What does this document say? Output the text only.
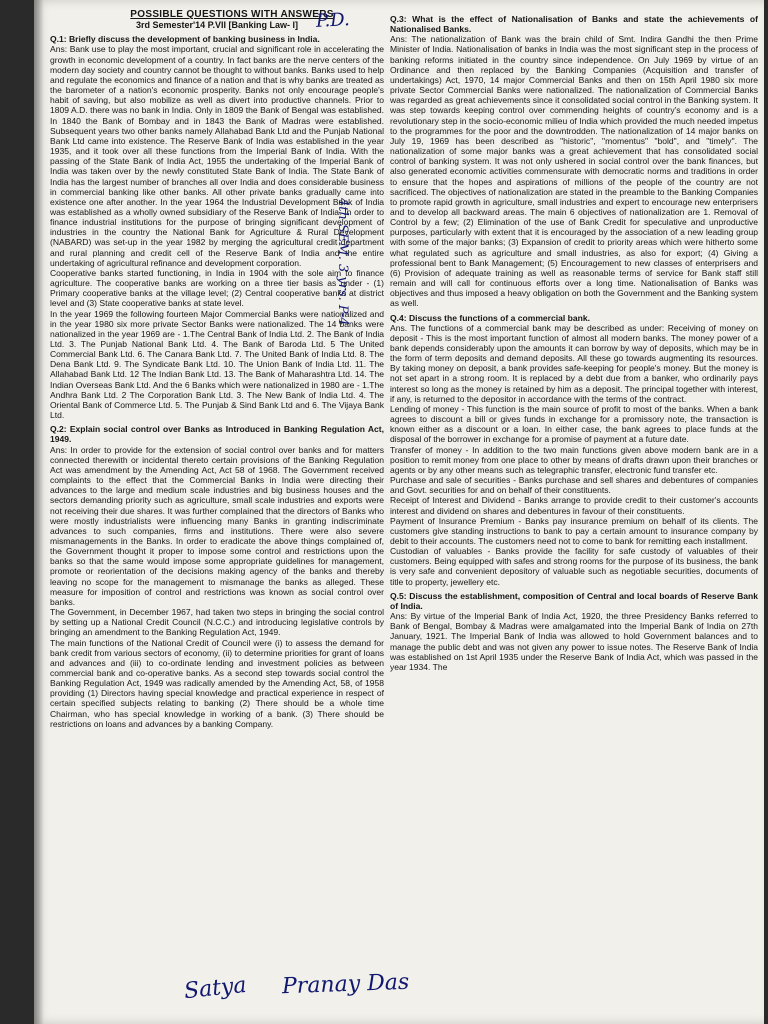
POSSIBLE QUESTIONS WITH ANSWERS
3rd Semester'14 P.VII [Banking Law- I]

Q.1: Briefly discuss the development of banking business in India.

Ans: Bank use to play the most important, crucial and significant role in accelerating the growth in economic development of a country. In fact banks are the nerve centers of the modern day society and country cannot be thought to without banks. Banks used to help and regulate the economics and finance of a nation and that is why banks are treated as the barometer of a nation's economic prosperity. Banks not only encourage people's habit of saving, but also mobilize as well as divert into productive channels. Prior to 1809 A.D. there was no bank in India. Only in 1809 the Bank of Bengal was established. In 1840 the Bank of Bombay and in 1843 the Bank of Madras were established. Subsequent years two other banks namely Allahabad Bank Ltd and the Punjab National Bank Ltd came into existence. The Reserve Bank of India was established in the year 1935, and it took over all these functions from the Imperial Bank of India. With the passing of the State Bank of India Act, 1955 the undertaking of the Imperial Bank of India was taken over by the newly constituted State Bank of India. The State Bank of India has the largest number of branches all over India and does considerable business in commercial banking like other banks. All other private banks gradually came into existence one after another. In the year 1964 the Industrial Development Bank of India was established as a wholly owned subsidiary of the Reserve Bank of India. In order to finance industrial institutions for the purpose of bringing significant development of industries in the country the National Bank for Agriculture & Rural Development (NABARD) was set-up in the year 1982 by merging the agricultural credit department and rural planning and credit cell of the Reserve Bank of India and the entire undertaking of agricultural refinance and development corporation.

Cooperative banks started functioning, in India in 1904 with the sole aim to finance agriculture. The cooperative banks are working on a three tier basis as under - (1) Primary cooperative banks at the village level; (2) Central cooperative banks at district level and (3) State cooperative banks at state level.

In the year 1969 the following fourteen Major Commercial Banks were nationalized and in the year 1980 six more private Sector Banks were nationalized. The 14 banks were nationalized in the year 1969 are - 1.The Central Bank of India Ltd. 2. The Bank of India Ltd. 3. The Punjab National Bank Ltd. 4. The Bank of Baroda Ltd. 5 The United Commercial Bank Ltd. 6. The Canara Bank Ltd. 7. The United Bank of India Ltd. 8. The Dena Bank Ltd. 9. The Syndicate Bank Ltd. 10. The Union Bank of India Ltd. 11. The Allahabad Bank Ltd. 12 The Indian Bank Ltd. 13. The Bank of Maharashtra Ltd. 14. The Indian Overseas Bank Ltd. And the 6 Banks which were nationalized in 1980 are - 1.The Andhra Bank Ltd. 2 The Corporation Bank Ltd. 3. The New Bank of India Ltd. 4. The Oriental Bank of Commerce Ltd. 5. The Punjab & Sind Bank Ltd and 6. The Vijaya Bank Ltd.

Q.2: Explain social control over Banks as Introduced in Banking Regulation Act, 1949.

Ans: In order to provide for the extension of social control over banks and for matters connected therewith or incidental thereto certain provisions of the Banking Regulation Act was amendment by the Amending Act, Act 58 of 1968. The Government received complaints to the effect that the Commercial Banks in India were directing their advances to the large and medium scale industries and big business houses and the sectors demanding priority such as agriculture, small scale industries and exports were not receiving their due shares. It was further complained that the directors of Banks who were mostly industrialists were influencing many Banks in granting indiscriminate advances to such companies, firms and institutions. There were also severe mismanagements in the Banks. In order to eradicate the above things complained of, the Government thought it proper to impose some control and restrictions upon the banks so that the same would impose some appropriate guidelines for management, promote or reorientation of the decisions making agency of the banks and thereby leaving no scope for the management to mismanage the banks as alleged. These measure for imposition of control and restrictions was known as social control over banks.

The Government, in December 1967, had taken two steps in bringing the social control by setting up a National Credit Council (N.C.C.) and introducing legislative controls by bringing an amendment to the Banking Regulation Act, 1949.

The main functions of the National Credit of Council were (i) to assess the demand for bank credit from various sectors of economy, (ii) to determine priorities for grant of loans and advances and (iii) to co-ordinate lending and investment policies as between commercial bank and co-operative banks. As a second step towards social control the Banking Regulation Act, 1949 was radically amended by the Amending Act, 58, of 1958 providing (1) Directors having special knowledge and practical experience in respect of certain specified subjects relating to banking (2) There should be a whole time Chairman, who has special knowledge in working of a bank. (3) There should be restrictions on loans and advances by a banking Company.

Q.3: What is the effect of Nationalisation of Banks and state the achievements of Nationalised Banks.

Ans: The nationalization of Bank was the brain child of Smt. Indira Gandhi the then Prime Minister of India. Nationalisation of banks in India was the most significant step in the process of banking reforms initiated in the country since independence. On July 1969 by virtue of an Ordinance and then replaced by the Banking Companies (Acquisition and transfer of undertakings) Act, 1970, 14 major Commercial Banks and then on 15th April 1980 six more private Sector Commercial Banks were nationalized. The nationalization of Commercial Banks was regarded as great achievements since it consolidated social control in the Banking system. It was step towards keeping control over commending heights of country's economy and is a revolutionary step in the socio-economic milieu of India which provided the much needed impetus to the programmes for the poor and the downtrodden. The nationalization of 14 major banks on July 19, 1969 has been described as "historic", "momentus" "bold", and "timely". The nationalization of some major banks was a great achievement that has consolidated social control of banking system. It was not only ushered in social control over the bank finances, but also generated economic activities commensurate with democratic norms and traditions in order to ensure that the hopes and aspirations of millions of the people of the country are not sacrificed. The objectives of nationalization are stated in the preamble to the Banking Companies to promote rapid growth in agriculture, small industries and expert to encourage new enterprisers and to develop all backward areas. The main 6 objectives of nationalization are 1. Removal of Control by a few; (2) Elimination of the use of Bank Credit for speculative and unproductive purposes, particularly with extent that it is encouraged by the association of a new leading group with some of the major banks; (3) Expansion of credit to priority areas which were hitherto some what regulated such as agriculture and small industries, as also for export; (4) Giving a professional bent to Bank Management; (5) Encouragement to new classes of enterprisers and (6) Provision of adequate training as well as reasonable terms of service for Bank staff still remain and will call for continuous efforts over a long time. Nationalisation of Banks was objectives and thus imposed a heavy obligation on both the Government and the Banking system as well.

Q.4: Discuss the functions of a commercial bank.

Ans. The functions of a commercial bank may be described as under: Receiving of money on deposit - This is the most important function of almost all modern banks. The money power of a bank depends considerably upon the amounts it can borrow by way of deposits, which may be in the form of term deposits and demand deposits. All these go towards augmenting its resources. By taking money on deposit, a bank provides safe-keeping for people's money. But the money is not set apart in a strong room. It is replaced by a debt due from a banker, who ordinarily pays interest so long as the money is retained by him as a deposit. The principal together with interest, if any, is returned to the depositor in accordance with the terms of the contract.

Lending of money - This function is the main source of profit to most of the banks. When a bank agrees to discount a bill or gives funds in exchange for a promissory note, the transaction is known either as a discount or a loan. In either case, the bank agrees to place funds at the disposal of the borrower in exchange for a promise of payment at a future date.

Transfer of money - In addition to the two main functions given above modern bank are in a position to remit money from one place to other by means of drafts drawn upon their branches or agents or by any other means such as telegraphic transfer, electronic fund transfer etc.

Purchase and sale of securities - Banks purchase and sell shares and debentures of companies and Govt. securities for and on behalf of their constituents.

Receipt of Interest and Dividend - Banks arrange to provide credit to their customer's accounts interest and dividend on shares and debentures in favour of their constituents.

Payment of Insurance Premium - Banks pay insurance premium on behalf of its clients. The customers give standing instructions to bank to pay a certain amount to insurance company by debit to their accounts. The customers need not to come to bank for remitting each installment.

Custodian of valuables - Banks provide the facility for safe custody of valuables of their customers. Being equipped with safes and strong rooms for the purpose of its business, the bank is very safe and convenient depository of valuable such as negotiable securities, documents of title to property, jewellery etc.

Q.5: Discuss the establishment, composition of Central and local boards of Reserve Bank of India.

Ans: By virtue of the Imperial Bank of India Act, 1920, the three Presidency Banks referred to Bank of Bengal, Bombay & Madras were amalgamated into the Imperial Bank of India on 27th January, 1921. The Imperial Bank of India was allowed to hold Government balances and to manage the public debt and was not given any power to issue notes. The Reserve Bank of India was established on 1st April 1935 under the Reserve Bank of India Act, which was passed in the year 1934. The

P.D.
4th SEM. 3 yrs. P-4
Satya Pranay Das
